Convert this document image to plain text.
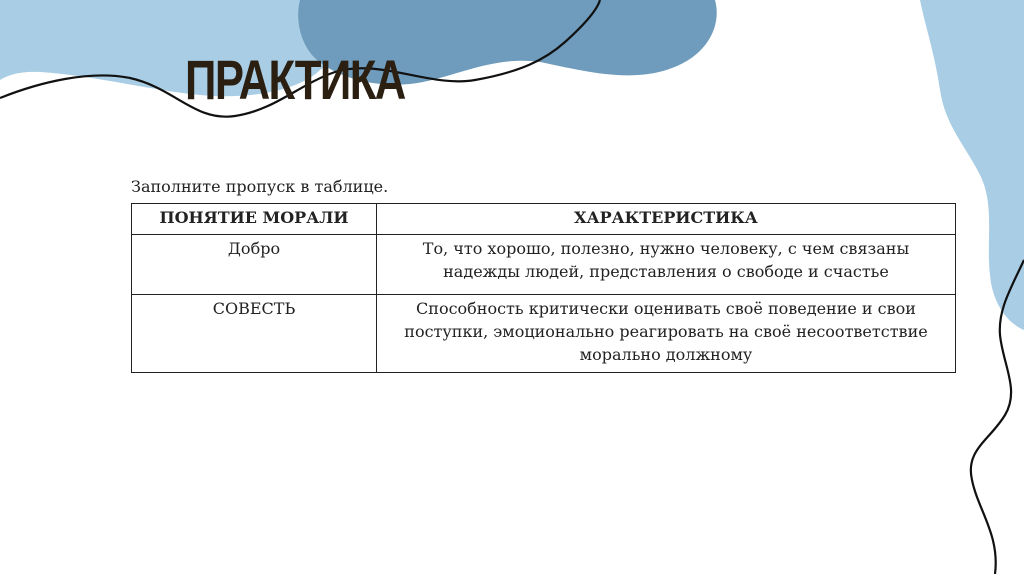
ПРАКТИКА
Заполните пропуск в таблице.
ПОНЯТИЕ МОРАЛИ	ХАРАКТЕРИСТИКА
Добро	То, что хорошо, полезно, нужно человеку, с чем связаны надежды людей, представления о свободе и счастье
СОВЕСТЬ	Способность критически оценивать своё поведение и свои поступки, эмоционально реагировать на своё несоответствие морально должному
